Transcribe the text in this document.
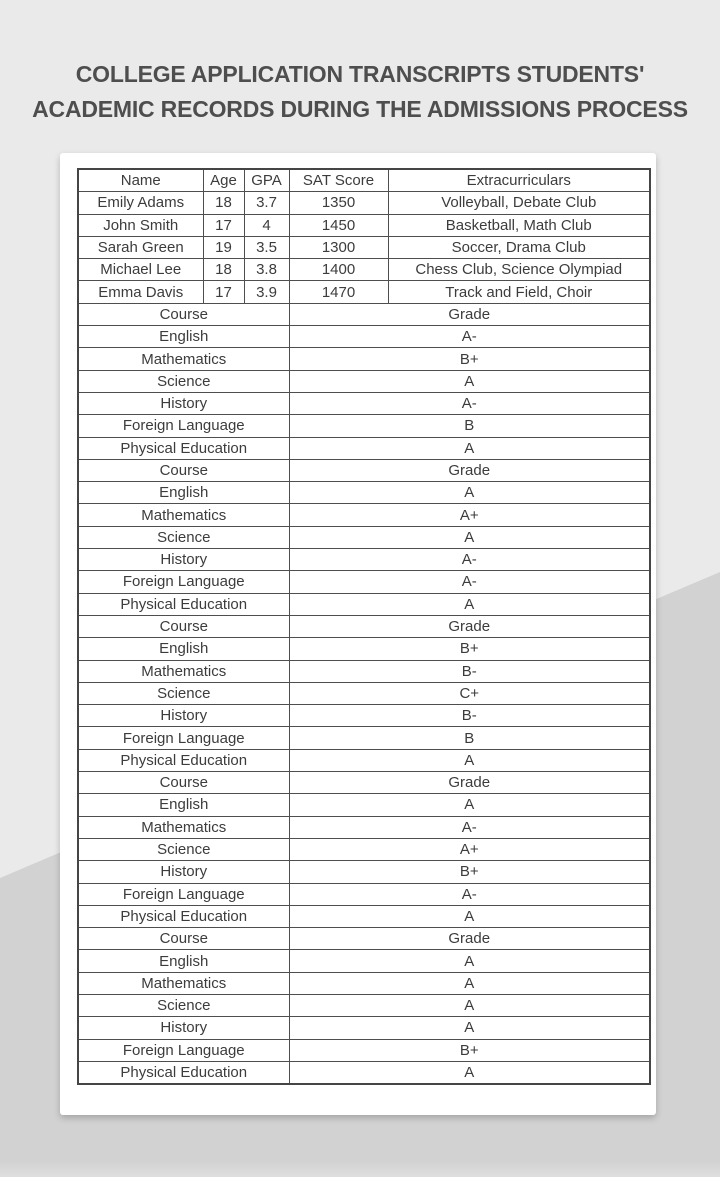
COLLEGE APPLICATION TRANSCRIPTS STUDENTS'
ACADEMIC RECORDS DURING THE ADMISSIONS PROCESS
Name	Age	GPA	SAT Score	Extracurriculars
Emily Adams	18	3.7	1350	Volleyball, Debate Club
John Smith	17	4	1450	Basketball, Math Club
Sarah Green	19	3.5	1300	Soccer, Drama Club
Michael Lee	18	3.8	1400	Chess Club, Science Olympiad
Emma Davis	17	3.9	1470	Track and Field, Choir
Course			Grade	
English			A-	
Mathematics			B+	
Science			A	
History			A-	
Foreign Language			B	
Physical Education			A	
Course			Grade	
English			A	
Mathematics			A+	
Science			A	
History			A-	
Foreign Language			A-	
Physical Education			A	
Course			Grade	
English			B+	
Mathematics			B-	
Science			C+	
History			B-	
Foreign Language			B	
Physical Education			A	
Course			Grade	
English			A	
Mathematics			A-	
Science			A+	
History			B+	
Foreign Language			A-	
Physical Education			A	
Course			Grade	
English			A	
Mathematics			A	
Science			A	
History			A	
Foreign Language			B+	
Physical Education			A	
